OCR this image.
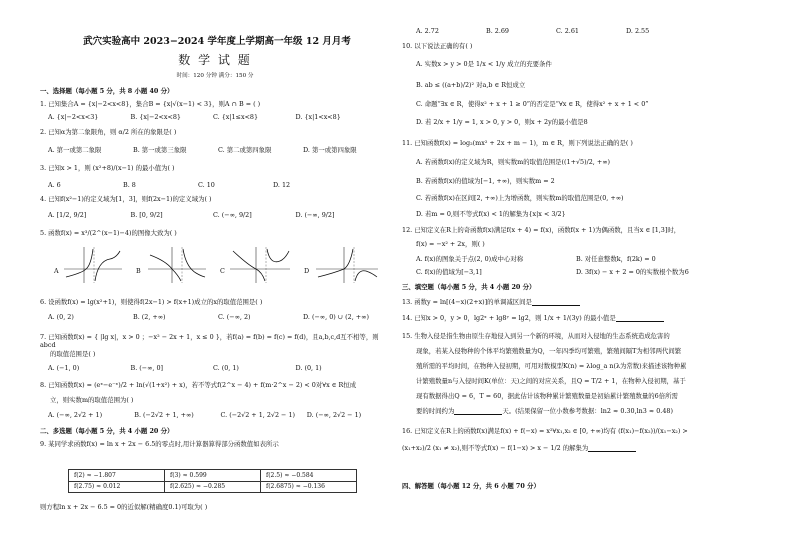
武穴实验高中 2023−2024 学年度上学期高一年级 12 月月考
数 学 试 题
时间：120 分钟 满分：150 分
一、选择题（每小题 5 分，共 8 小题 40 分）
1. 已知集合A = {x|−2<x<8}，集合B = {x|√(x−1) < 3}，则A ∩ B = ( )
A. {x|−2<x<3}	B. {x|−2<x<8}	C. {x|1≤x<8}	D. {x|1<x<8}
2. 已知α为第二象限角，则 α/2 所在的象限是( )
A. 第一或第二象限	B. 第一或第三象限	C. 第二或第四象限	D. 第一或第四象限
3. 已知x > 1，则 (x²+8)/(x−1) 的最小值为( )
A. 6	B. 8	C. 10	D. 12
4. 已知f(x²−1)的定义域为[1，3]，则f(2x−1)的定义域为( )
A. [1/2, 9/2]	B. [0, 9/2]	C. (−∞, 9/2]	D. (−∞, 9/2]
5. 函数f(x) = x³/(2^(x−1)−4)的图像大致为( )
A	B	C	D
6. 设函数f(x) = lg(x²+1)，则使得f(2x−1) > f(x+1)成立的x的取值范围是( )
A. (0, 2)	B. (2, +∞)	C. (−∞, 2)	D. (−∞, 0) ∪ (2, +∞)
7. 已知函数f(x) = { |lg x|，x > 0 ；−x² − 2x + 1，x ≤ 0 }，若f(a) = f(b) = f(c) = f(d)，且a,b,c,d互不相等，则abcd
的取值范围是( )
A. (−1, 0)	B. (−∞, 0]	C. (0, 1)	D. (0, 1)
8. 已知函数f(x) = (eˣ−e⁻ˣ)/2 + ln(√(1+x²) + x)，若不等式f(2^x − 4) + f(m·2^x − 2) < 0对∀x ∈ R恒成
立，则实数m的取值范围为( )
A. (−∞, 2√2 + 1)	B. (−2√2 + 1, +∞)	C. (−2√2 + 1, 2√2 − 1)	D. (−∞, 2√2 − 1)
二、多选题（每小题 5 分，共 4 小题 20 分）
9. 某同学求函数f(x) = ln x + 2x − 6.5的零点时,用计算器算得部分函数值如表所示
f(2) ≈ −1.807	f(3) ≈ 0.599	f(2.5) ≈ −0.584
f(2.75) ≈ 0.012	f(2.625) ≈ −0.285	f(2.6875) ≈ −0.136
则方程ln x + 2x − 6.5 = 0的近似解(精确度0.1)可取为( )
A. 2.72	B. 2.69	C. 2.61	D. 2.55
10. 以下说法正确的有( )
A. 实数x > y > 0是 1/x < 1/y 成立的充要条件
B. ab ≤ ((a+b)/2)² 对a,b ∈ R恒成立
C. 命题“∃x ∈ R，使得x² + x + 1 ≥ 0”的否定是“∀x ∈ R，使得x² + x + 1 < 0”
D. 若 2/x + 1/y = 1, x > 0, y > 0，则x + 2y的最小值是8
11. 已知函数f(x) = log₂(mx² + 2x + m − 1)，m ∈ R，则下列说法正确的是( )
A. 若函数f(x)的定义域为R，则实数m的取值范围是((1+√5)/2, +∞)
B. 若函数f(x)的值域为[−1, +∞)，则实数m = 2
C. 若函数f(x)在区间[2, +∞)上为增函数，则实数m的取值范围是(0, +∞)
D. 若m = 0,则不等式f(x) < 1的解集为{x|x < 3/2}
12. 已知定义在R上的奇函数f(x)满足f(x + 4) = f(x)，函数f(x + 1)为偶函数，且当x ∈ [1,3]时，
f(x) = −x² + 2x，则( )
A. f(x)的图象关于点(2, 0)成中心对称	B. 对任意整数k，f(2k) = 0
C. f(x)的值域为[−3,1]	D. 3f(x) − x + 2 = 0的实数根个数为6
三、填空题（每小题 5 分，共 4 小题 20 分）
13. 函数y = ln[(4−x)(2+x)]的单调减区间是
14. 已知x > 0，y > 0，lg2ˣ + lg8ʸ = lg2，则 1/x + 1/(3y) 的最小值是
15. 生物入侵是指生物由原生存地侵入到另一个新的环境，从而对入侵地的生态系统造成危害的
现象，若某入侵物种的个体平均繁殖数量为Q，一年四季均可繁殖，繁殖间隔T为相邻两代间繁
殖所需的平均时间，在物种入侵初期，可用对数模型K(n) = λlog_a n(λ为常数)来描述该物种累
计繁殖数量n与入侵时间K(单位：天)之间的对应关系，且Q = T/2 + 1，在物种入侵初期，基于
现有数据得出Q = 6，T = 60，据此估计该物种累计繁殖数量是初始累计繁殖数量的6倍所需
要的时间约为	天。(结果保留一位小数参考数据：ln2 ≈ 0.30,ln3 ≈ 0.48)
16. 已知定义在R上的函数f(x)满足f(x) + f(−x) = x²∀x₁,x₂ ∈ [0, +∞)均有 (f(x₁)−f(x₂))/(x₁−x₂) >
(x₁+x₂)/2 (x₁ ≠ x₂),则不等式f(x) − f(1−x) > x − 1/2 的解集为
四、解答题（每小题 12 分，共 6 小题 70 分）
